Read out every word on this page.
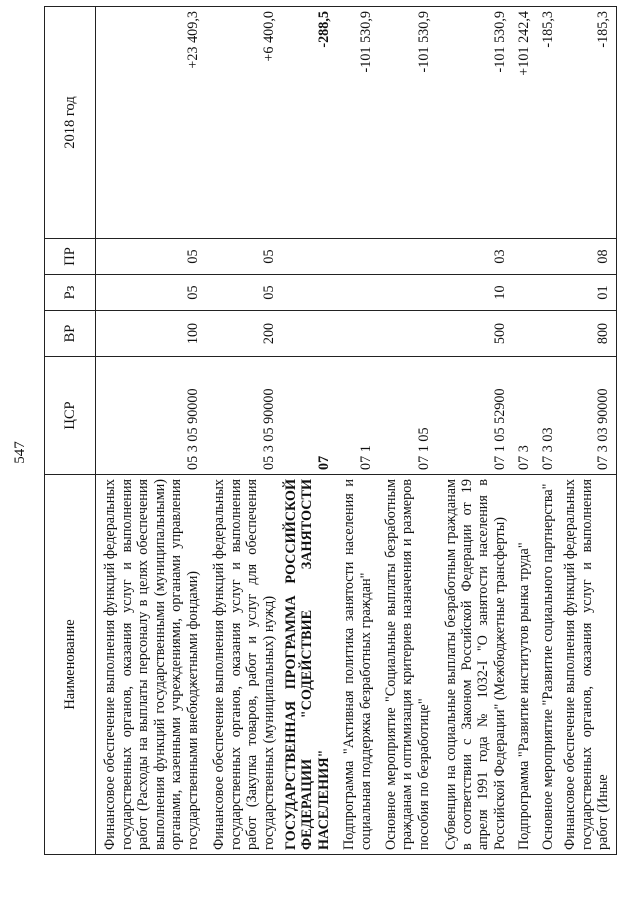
547
Наименование	ЦСР	ВР	Рз	ПР	2018 год
Финансовое обеспечение выполнения функций федеральных государственных органов, оказания услуг и выполнения работ (Расходы на выплаты персоналу в целях обеспечения выполнения функций государственными (муниципальными) органами, казенными учреждениями, органами управления государственными внебюджетными фондами)	05 3 05 90000	100	05	05	+23 409,3
Финансовое обеспечение выполнения функций федеральных государственных органов, оказания услуг и выполнения работ (Закупка товаров, работ и услуг для обеспечения государственных (муниципальных) нужд)	05 3 05 90000	200	05	05	+6 400,0
ГОСУДАРСТВЕННАЯ ПРОГРАММА РОССИЙСКОЙ ФЕДЕРАЦИИ "СОДЕЙСТВИЕ ЗАНЯТОСТИ НАСЕЛЕНИЯ"	07				-288,5
Подпрограмма "Активная политика занятости населения и социальная поддержка безработных граждан"	07 1				-101 530,9
Основное мероприятие "Социальные выплаты безработным гражданам и оптимизация критериев назначения и размеров пособия по безработице"	07 1 05				-101 530,9
Субвенции на социальные выплаты безработным гражданам в соответствии с Законом Российской Федерации от 19 апреля 1991 года № 1032-I "О занятости населения в Российской Федерации" (Межбюджетные трансферты)	07 1 05 52900	500	10	03	-101 530,9
Подпрограмма "Развитие институтов рынка труда"	07 3				+101 242,4
Основное мероприятие "Развитие социального партнерства"	07 3 03				-185,3
Финансовое обеспечение выполнения функций федеральных государственных органов, оказания услуг и выполнения работ (Иные	07 3 03 90000	800	01	08	-185,3
